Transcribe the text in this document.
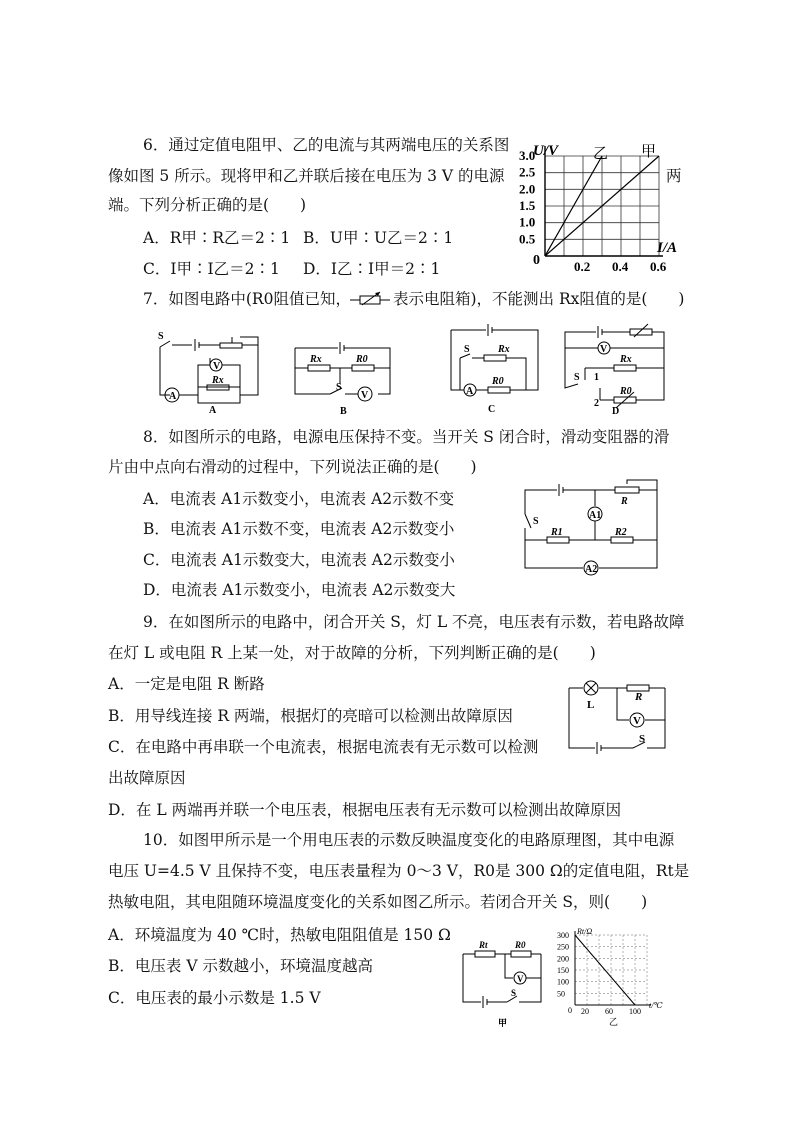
6．通过定值电阻甲、乙的电流与其两端电压的关系图
像如图 5 所示。现将甲和乙并联后接在电压为 3 V 的电源	两
端。下列分析正确的是(　　)
A．R甲∶R乙＝2∶1 B．U甲∶U乙＝2∶1
C．I甲∶I乙＝2∶1 D．I乙∶I甲＝2∶1
U/V 乙 甲
I/A
0
3.0
2.5
2.0
1.5
1.0
0.5
0.2 0.4 0.6
7．如图电路中(R0阻值已知，	表示电阻箱)，不能测出 Rx阻值的是(　　)
S
V
A
Rx
A
Rx	R0
S
V
B
S	Rx
A
R0
C
V
Rx
S 1
2
R0
D
8．如图所示的电路，电源电压保持不变。当开关 S 闭合时，滑动变阻器的滑
片由中点向右滑动的过程中，下列说法正确的是(　　)
A．电流表 A1示数变小，电流表 A2示数不变
B．电流表 A1示数不变，电流表 A2示数变小
C．电流表 A1示数变大，电流表 A2示数变小
D．电流表 A1示数变小，电流表 A2示数变大
R
S
A1
R1	R2
A2
9．在如图所示的电路中，闭合开关 S，灯 L 不亮，电压表有示数，若电路故障
在灯 L 或电阻 R 上某一处，对于故障的分析，下列判断正确的是(　　)
A．一定是电阻 R 断路
B．用导线连接 R 两端，根据灯的亮暗可以检测出故障原因
C．在电路中再串联一个电流表，根据电流表有无示数可以检测
出故障原因
D．在 L 两端再并联一个电压表，根据电压表有无示数可以检测出故障原因
L
R
V
S
10．如图甲所示是一个用电压表的示数反映温度变化的电路原理图，其中电源
电压 U=4.5 V 且保持不变，电压表量程为 0～3 V，R0是 300 Ω的定值电阻，Rt是
热敏电阻，其电阻随环境温度变化的关系如图乙所示。若闭合开关 S，则(　　)
A．环境温度为 40 ℃时，热敏电阻阻值是 150 Ω
B．电压表 V 示数越小，环境温度越高
C．电压表的最小示数是 1.5 V
Rt	R0
V
S
甲
Rt/Ω
t/℃
0
300
250
200
150
100
50
20 60 100
乙
